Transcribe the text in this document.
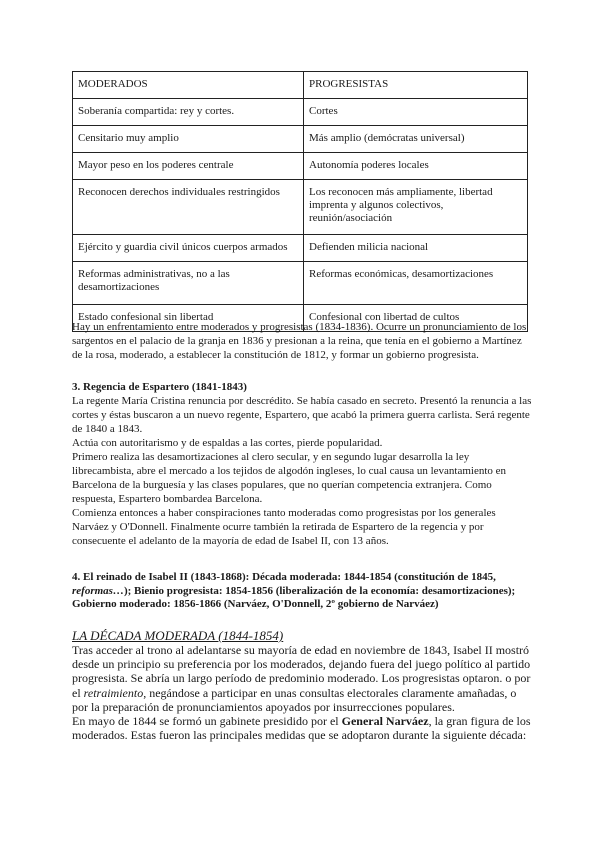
MODERADOS	PROGRESISTAS
Soberanía compartida: rey y cortes.	Cortes
Censitario muy amplio	Más amplio (demócratas universal)
Mayor peso en los poderes centrale	Autonomía poderes locales
Reconocen derechos individuales restringidos	Los reconocen más ampliamente, libertad imprenta y algunos colectivos, reunión/asociación
Ejército y guardia civil únicos cuerpos armados	Defienden milicia nacional
Reformas administrativas, no a las desamortizaciones	Reformas económicas, desamortizaciones
Estado confesional sin libertad	Confesional con libertad de cultos

Hay un enfrentamiento entre moderados y progresistas (1834-1836). Ocurre un pronunciamiento de los sargentos en el palacio de la granja en 1836 y presionan a la reina, que tenía en el gobierno a Martínez de la rosa, moderado, a establecer la constitución de 1812, y formar un gobierno progresista.

3. Regencia de Espartero (1841-1843)

La regente María Cristina renuncia por descrédito. Se había casado en secreto. Presentó la renuncia a las cortes y éstas buscaron a un nuevo regente, Espartero, que acabó la primera guerra carlista. Será regente de 1840 a 1843.

Actúa con autoritarismo y de espaldas a las cortes, pierde popularidad.

Primero realiza las desamortizaciones al clero secular, y en segundo lugar desarrolla la ley librecambista, abre el mercado a los tejidos de algodón ingleses, lo cual causa un levantamiento en Barcelona de la burguesía y las clases populares, que no querían competencia extranjera. Como respuesta, Espartero bombardea Barcelona.

Comienza entonces a haber conspiraciones tanto moderadas como progresistas por los generales Narváez y O'Donnell. Finalmente ocurre también la retirada de Espartero de la regencia y por consecuente el adelanto de la mayoría de edad de Isabel II, con 13 años.

4. El reinado de Isabel II (1843-1868): Década moderada: 1844-1854 (constitución de 1845, reformas…); Bienio progresista: 1854-1856 (liberalización de la economía: desamortizaciones); Gobierno moderado: 1856-1866 (Narváez, O'Donnell, 2º gobierno de Narváez)

LA DÉCADA MODERADA (1844-1854)

Tras acceder al trono al adelantarse su mayoría de edad en noviembre de 1843, Isabel II mostró desde un principio su preferencia por los moderados, dejando fuera del juego político al partido progresista. Se abría un largo período de predominio moderado. Los progresistas optaron. o por el retraimiento, negándose a participar en unas consultas electorales claramente amañadas, o por la preparación de pronunciamientos apoyados por insurrecciones populares.

En mayo de 1844 se formó un gabinete presidido por el General Narváez, la gran figura de los moderados. Estas fueron las principales medidas que se adoptaron durante la siguiente década:
